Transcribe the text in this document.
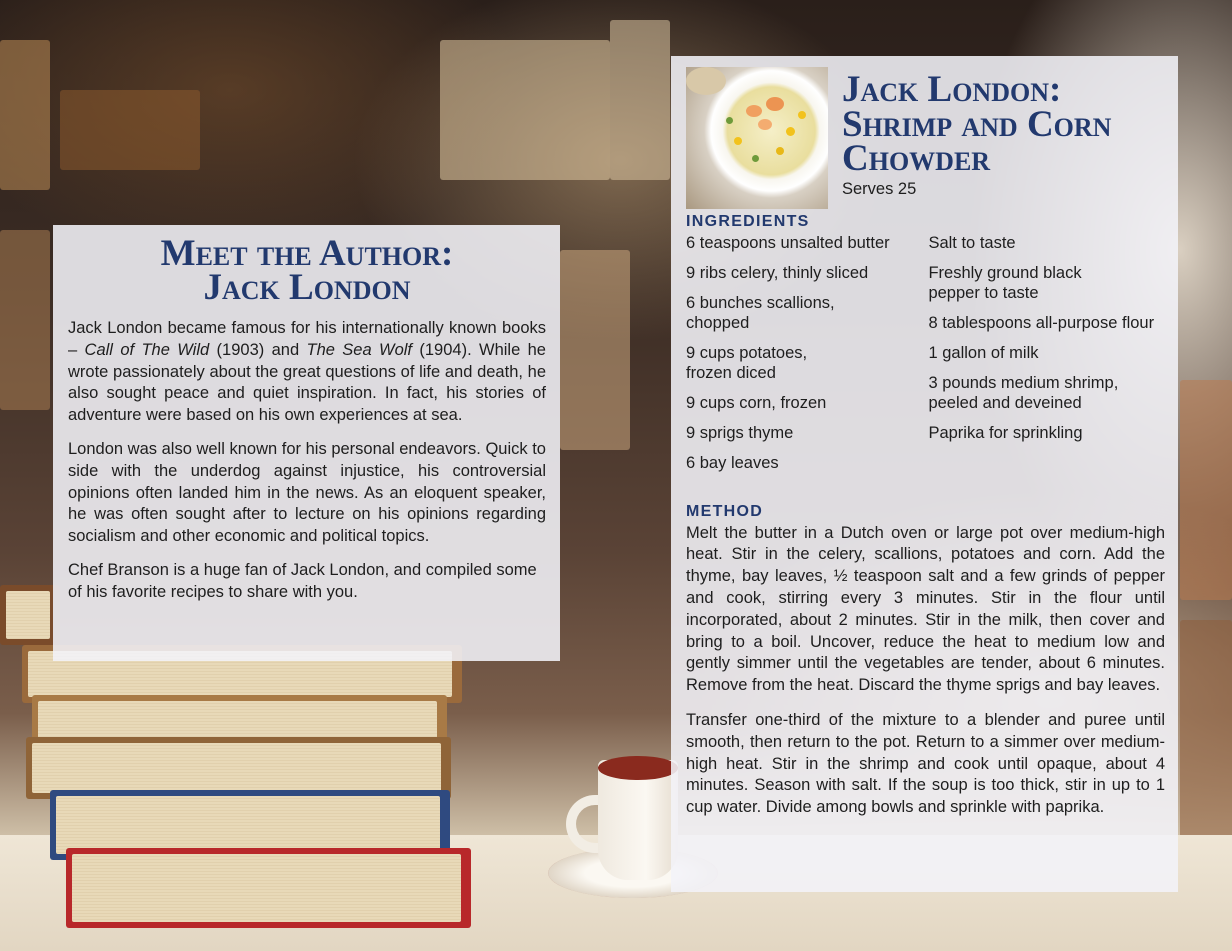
Meet the Author:
Jack London

Jack London became famous for his internationally known books – Call of The Wild (1903) and The Sea Wolf (1904). While he wrote passionately about the great questions of life and death, he also sought peace and quiet inspiration. In fact, his stories of adventure were based on his own experiences at sea.

London was also well known for his personal endeavors. Quick to side with the underdog against injustice, his controversial opinions often landed him in the news. As an eloquent speaker, he was often sought after to lecture on his opinions regarding socialism and other economic and political topics.

Chef Branson is a huge fan of Jack London, and compiled some of his favorite recipes to share with you.

Jack London:
Shrimp and Corn
Chowder
Serves 25
INGREDIENTS
6 teaspoons unsalted butter
9 ribs celery, thinly sliced
6 bunches scallions, chopped
9 cups potatoes, frozen diced
9 cups corn, frozen
9 sprigs thyme
6 bay leaves
Salt to taste
Freshly ground black pepper to taste
8 tablespoons all-purpose flour
1 gallon of milk
3 pounds medium shrimp, peeled and deveined
Paprika for sprinkling
METHOD

Melt the butter in a Dutch oven or large pot over medium-high heat. Stir in the celery, scallions, potatoes and corn. Add the thyme, bay leaves, ½ teaspoon salt and a few grinds of pepper and cook, stirring every 3 minutes. Stir in the flour until incorporated, about 2 minutes. Stir in the milk, then cover and bring to a boil. Uncover, reduce the heat to medium low and gently simmer until the vegetables are tender, about 6 minutes. Remove from the heat. Discard the thyme sprigs and bay leaves.

Transfer one-third of the mixture to a blender and puree until smooth, then return to the pot. Return to a simmer over medium-high heat. Stir in the shrimp and cook until opaque, about 4 minutes. Season with salt. If the soup is too thick, stir in up to 1 cup water. Divide among bowls and sprinkle with paprika.
